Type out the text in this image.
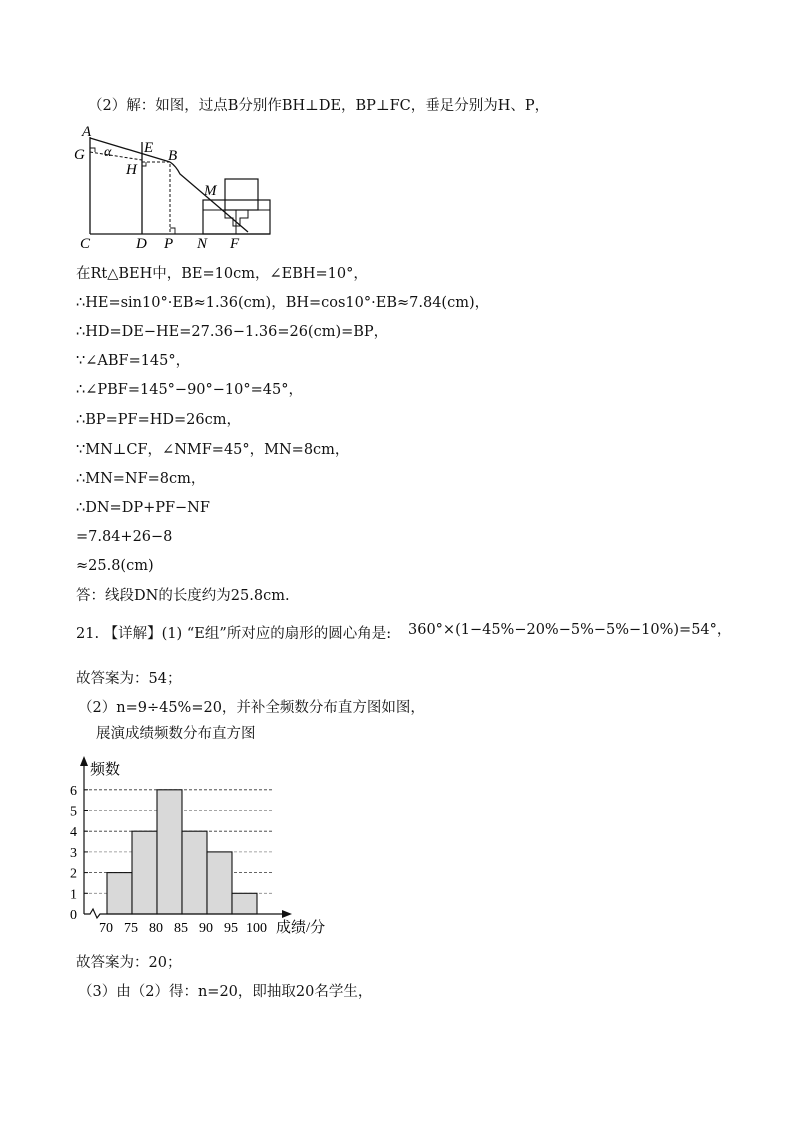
（2）解：如图，过点B分别作BH⊥DE，BP⊥FC，垂足分别为H、P，
A
G α E B
H
M
C	D P N F
在Rt△BEH中，BE=10cm，∠EBH=10°，
∴HE=sin10°·EB≈1.36(cm)，BH=cos10°·EB≈7.84(cm)，
∴HD=DE−HE=27.36−1.36=26(cm)=BP，
∵∠ABF=145°，
∴∠PBF=145°−90°−10°=45°，
∴BP=PF=HD=26cm，
∵MN⊥CF，∠NMF=45°，MN=8cm，
∴MN=NF=8cm，
∴DN=DP+PF−NF
=7.84+26−8
≈25.8(cm)
答：线段DN的长度约为25.8cm.
21. 【详解】(1) “E组”所对应的扇形的圆心角是: 360°×(1−45%−20%−5%−5%−10%)=54°，
故答案为：54；
（2）n=9÷45%=20，并补全频数分布直方图如图，
展演成绩频数分布直方图
0
1
2
3
4
5
6
70 75 80 85 90 95 100
频数
成绩/分
故答案为：20；
（3）由（2）得：n=20，即抽取20名学生，
